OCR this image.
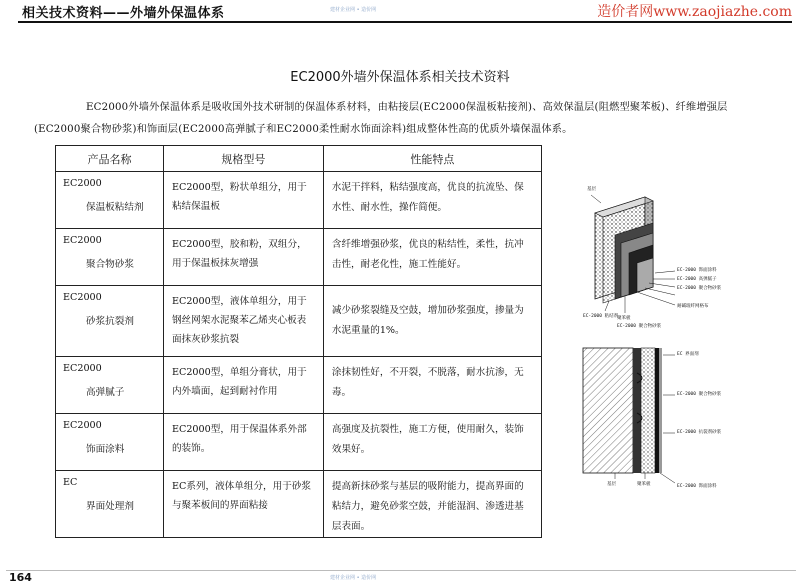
相关技术资料——外墙外保温体系	建材企业网 • 造价网	造价者网www.zaojiazhe.com
EC2000外墙外保温体系相关技术资料
EC2000外墙外保温体系是吸收国外技术研制的保温体系材料，由粘接层(EC2000保温板粘接剂)、高效保温层(阻燃型聚苯板)、纤维增强层(EC2000聚合物砂浆)和饰面层(EC2000高弹腻子和EC2000柔性耐水饰面涂料)组成整体性高的优质外墙保温体系。
产品名称	规格型号	性能特点

EC2000
保温板粘结剂	EC2000型，粉状单组分，用于粘结保温板	水泥干拌料，粘结强度高，优良的抗流坠、保水性、耐水性，操作简便。

EC2000
聚合物砂浆	EC2000型，胶和粉，双组分，用于保温板抹灰增强	含纤维增强砂浆，优良的粘结性，柔性，抗冲击性，耐老化性，施工性能好。

EC2000
砂浆抗裂剂	EC2000型，液体单组分，用于钢丝网架水泥聚苯乙烯夹心板表面抹灰砂浆抗裂	减少砂浆裂缝及空鼓，增加砂浆强度，掺量为水泥重量的1%。

EC2000
高弹腻子	EC2000型，单组分膏状，用于内外墙面，起到耐衬作用	涂抹韧性好，不开裂，不脱落，耐水抗渗，无毒。

EC2000
饰面涂料	EC2000型，用于保温体系外部的装饰。	高强度及抗裂性，施工方便，使用耐久，装饰效果好。

EC
界面处理剂	EC系列，液体单组分，用于砂浆与聚苯板间的界面粘接	提高新抹砂浆与基层的吸附能力，提高界面的粘结力，避免砂浆空鼓，并能湿润、渗透进基层表面。
基层
EC-2000 饰面涂料
EC-2000 高弹腻子
EC-2000 聚合物砂浆
耐碱玻纤网格布
聚苯板
EC-2000 粘结剂
EC-2000 聚合物砂浆
EC 界面剂
EC-2000 聚合物砂浆
EC-2000 抗裂剂砂浆
基层	聚苯板	EC-2000 饰面涂料
164	建材企业网 • 造价网
